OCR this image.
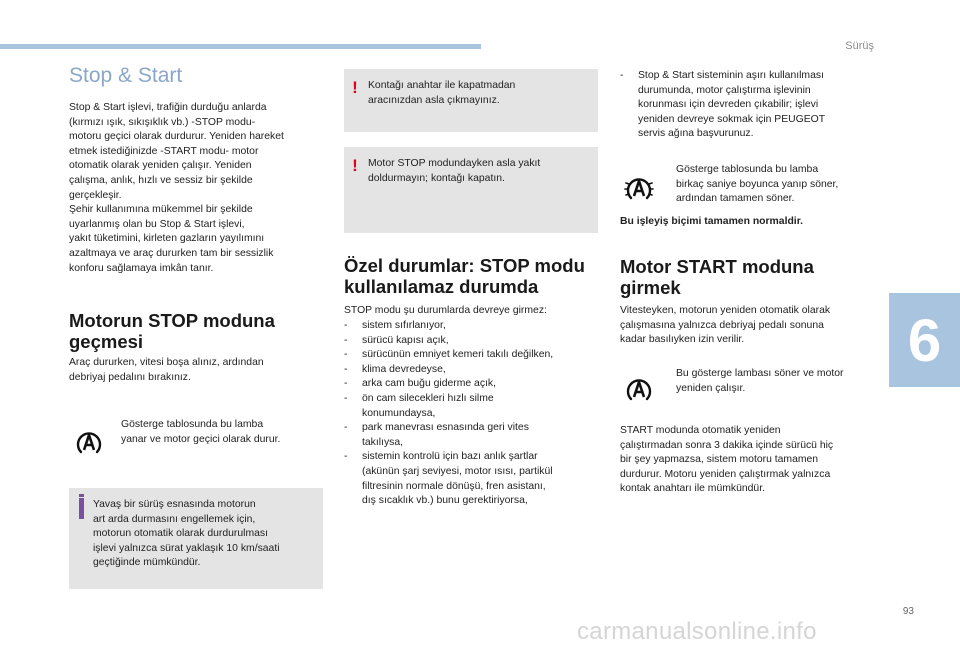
Sürüş
6
93
carmanualsonline.info
Stop & Start

Stop & Start işlevi, trafiğin durduğu anlarda
(kırmızı ışık, sıkışıklık vb.) -STOP modu-
motoru geçici olarak durdurur. Yeniden hareket
etmek istediğinizde -START modu- motor
otomatik olarak yeniden çalışır. Yeniden
çalışma, anlık, hızlı ve sessiz bir şekilde
gerçekleşir.
Şehir kullanımına mükemmel bir şekilde
uyarlanmış olan bu Stop & Start işlevi,
yakıt tüketimini, kirleten gazların yayılımını
azaltmaya ve araç dururken tam bir sessizlik
konforu sağlamaya imkân tanır.

Motorun STOP moduna
geçmesi

Araç dururken, vitesi boşa alınız, ardından
debriyaj pedalını bırakınız.

Gösterge tablosunda bu lamba
yanar ve motor geçici olarak durur.

Yavaş bir sürüş esnasında motorun
art arda durmasını engellemek için,
motorun otomatik olarak durdurulması
işlevi yalnızca sürat yaklaşık 10 km/saati
geçtiğinde mümkündür.
! Kontağı anahtar ile kapatmadan
aracınızdan asla çıkmayınız.
! Motor STOP modundayken asla yakıt
doldurmayın; kontağı kapatın.
Özel durumlar: STOP modu
kullanılamaz durumda

STOP modu şu durumlarda devreye girmez:

- sistem sıfırlanıyor,
- sürücü kapısı açık,
- sürücünün emniyet kemeri takılı değilken,
- klima devredeyse,
- arka cam buğu giderme açık,
- ön cam silecekleri hızlı silme
konumundaysa,
- park manevrası esnasında geri vites
takılıysa,
- sistemin kontrolü için bazı anlık şartlar
(akünün şarj seviyesi, motor ısısı, partikül
filtresinin normale dönüşü, fren asistanı,
dış sıcaklık vb.) bunu gerektiriyorsa,
- Stop & Start sisteminin aşırı kullanılması
durumunda, motor çalıştırma işlevinin
korunması için devreden çıkabilir; işlevi
yeniden devreye sokmak için PEUGEOT
servis ağına başvurunuz.

Gösterge tablosunda bu lamba
birkaç saniye boyunca yanıp söner,
ardından tamamen söner.

Bu işleyiş biçimi tamamen normaldir.

Motor START moduna
girmek

Vitesteyken, motorun yeniden otomatik olarak
çalışmasına yalnızca debriyaj pedalı sonuna
kadar basılıyken izin verilir.

Bu gösterge lambası söner ve motor
yeniden çalışır.

START modunda otomatik yeniden
çalıştırmadan sonra 3 dakika içinde sürücü hiç
bir şey yapmazsa, sistem motoru tamamen
durdurur. Motoru yeniden çalıştırmak yalnızca
kontak anahtarı ile mümkündür.
